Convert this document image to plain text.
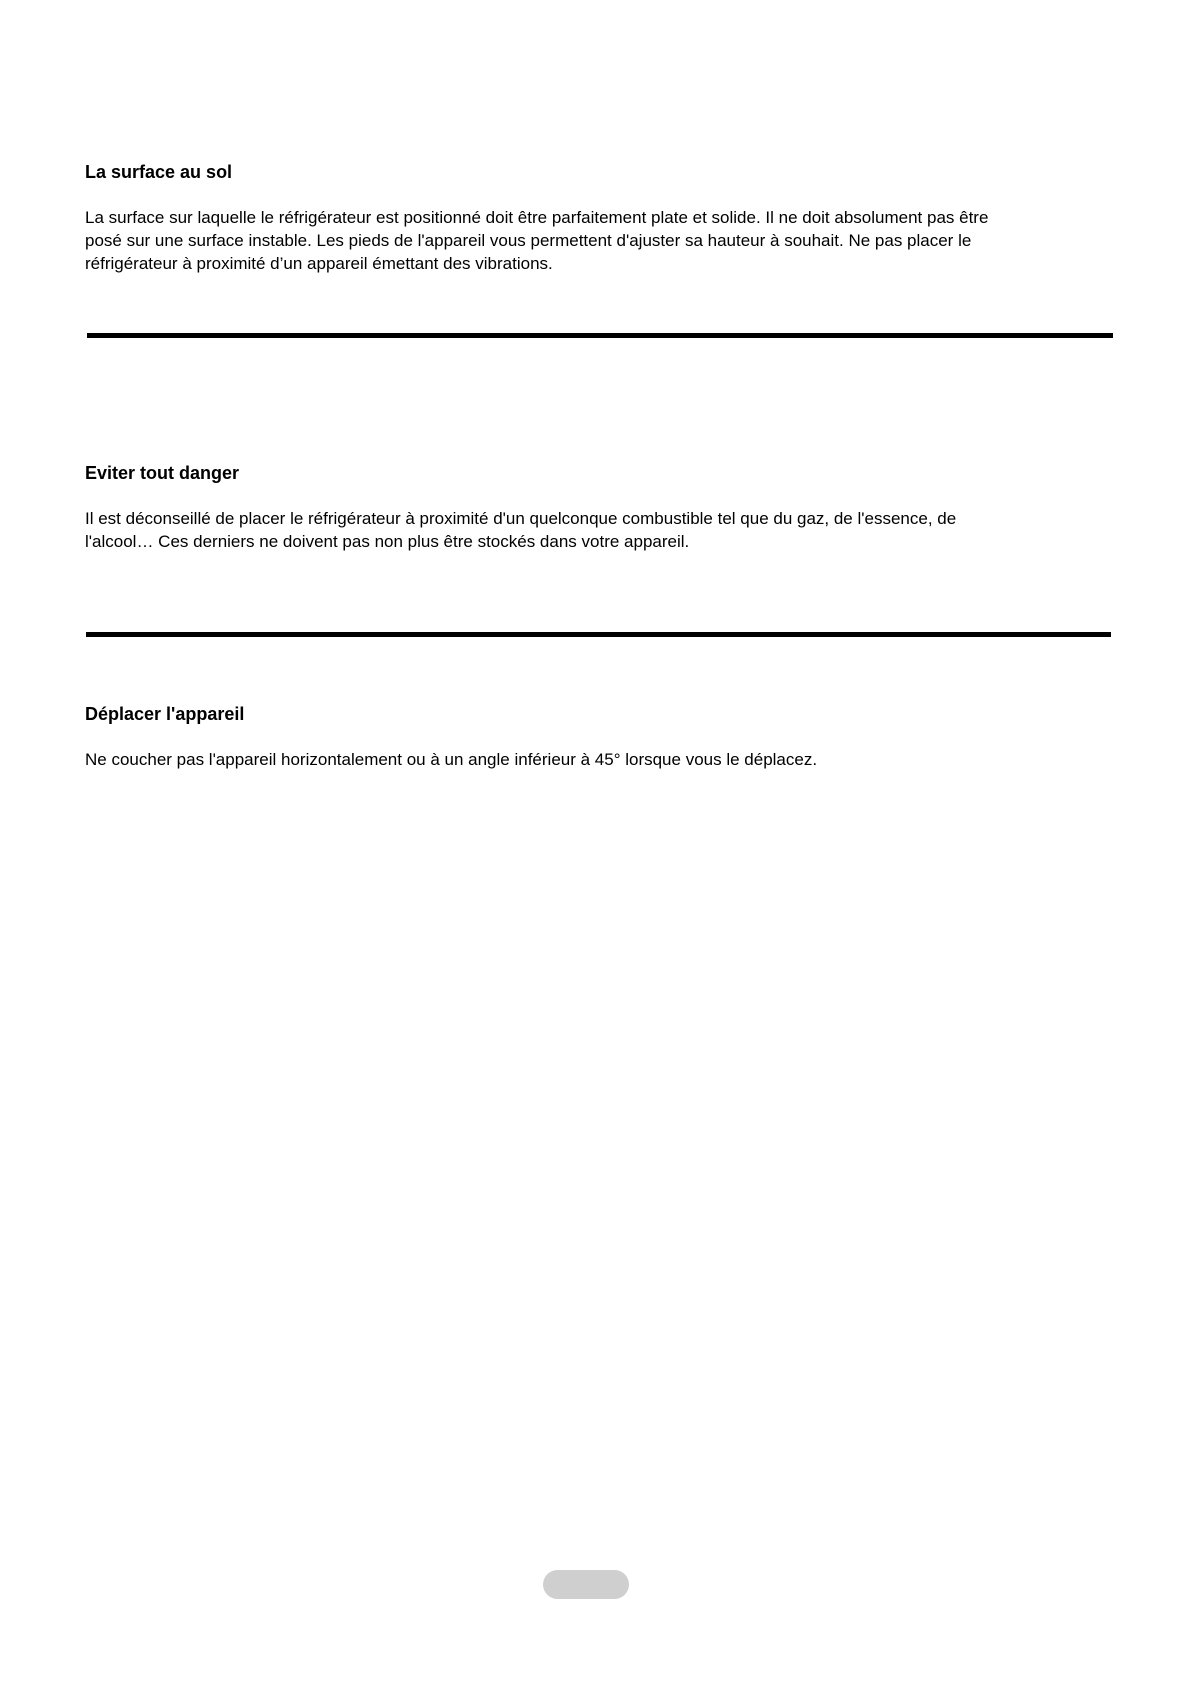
La surface au sol
La surface sur laquelle le réfrigérateur est positionné doit être parfaitement plate et solide. Il ne doit absolument pas être
posé sur une surface instable. Les pieds de l'appareil vous permettent d'ajuster sa hauteur à souhait. Ne pas placer le
réfrigérateur à proximité d’un appareil émettant des vibrations.
Eviter tout danger
Il est déconseillé de placer le réfrigérateur à proximité d'un quelconque combustible tel que du gaz, de l'essence, de
l'alcool… Ces derniers ne doivent pas non plus être stockés dans votre appareil.
Déplacer l'appareil
Ne coucher pas l'appareil horizontalement ou à un angle inférieur à 45° lorsque vous le déplacez.
